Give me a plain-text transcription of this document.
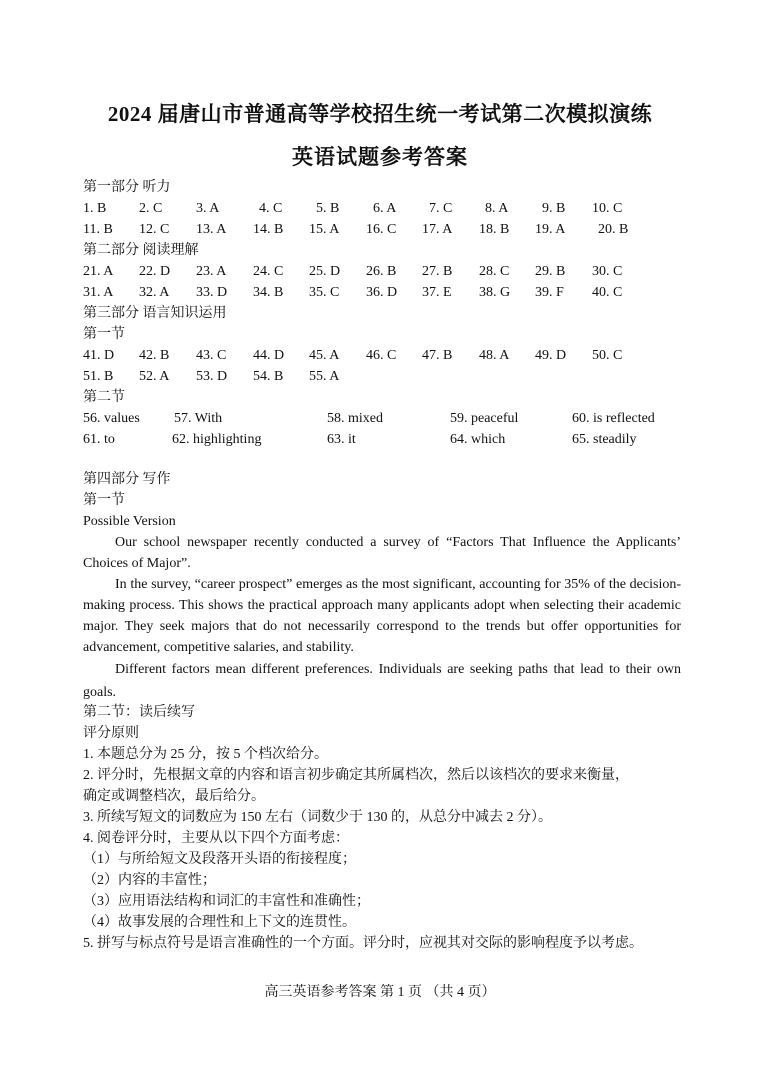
2024 届唐山市普通高等学校招生统一考试第二次模拟演练
英语试题参考答案
第一部分 听力
1. B 2. C 3. A	4. C 5. B 6. A 7. C 8. A 9. B 10. C
11. B 12. C 13. A 14. B 15. A 16. C 17. A 18. B 19. A 20. B
第二部分 阅读理解
21. A 22. D 23. A 24. C 25. D 26. B 27. B 28. C 29. B 30. C
31. A 32. A 33. D 34. B 35. C 36. D 37. E 38. G 39. F 40. C
第三部分 语言知识运用
第一节
41. D 42. B 43. C 44. D 45. A 46. C 47. B 48. A 49. D 50. C
51. B 52. A 53. D 54. B 55. A
第二节
56. values 57. With	58. mixed	59. peaceful	60. is reflected
61. to	62. highlighting	63. it	64. which	65. steadily
第四部分 写作
第一节
Possible Version
Our school newspaper recently conducted a survey of “Factors That Influence the Applicants’ Choices of Major”.
In the survey, “career prospect” emerges as the most significant, accounting for 35% of the decision-making process. This shows the practical approach many applicants adopt when selecting their academic major. They seek majors that do not necessarily correspond to the trends but offer opportunities for advancement, competitive salaries, and stability.
Different factors mean different preferences. Individuals are seeking paths that lead to their own goals.
第二节：读后续写
评分原则
1. 本题总分为 25 分，按 5 个档次给分。
2. 评分时，先根据文章的内容和语言初步确定其所属档次，然后以该档次的要求来衡量，
确定或调整档次，最后给分。
3. 所续写短文的词数应为 150 左右（词数少于 130 的，从总分中减去 2 分）。
4. 阅卷评分时，主要从以下四个方面考虑：
（1）与所给短文及段落开头语的衔接程度；
（2）内容的丰富性；
（3）应用语法结构和词汇的丰富性和准确性；
（4）故事发展的合理性和上下文的连贯性。
5. 拼写与标点符号是语言准确性的一个方面。评分时，应视其对交际的影响程度予以考虑。
高三英语参考答案 第 1 页 （共 4 页）
